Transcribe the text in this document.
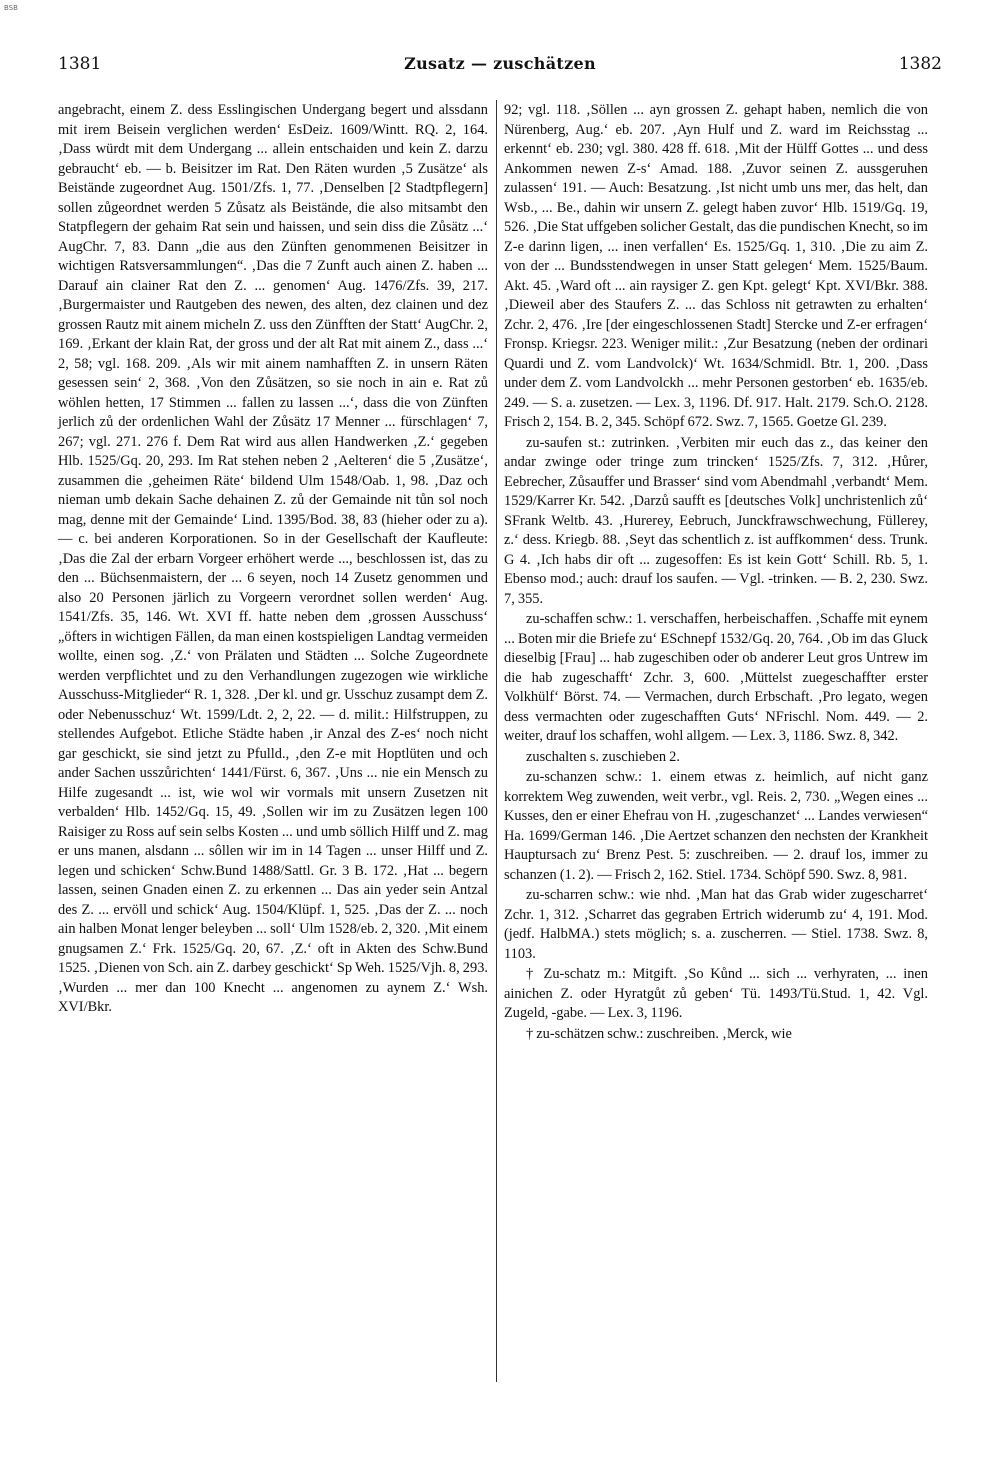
BSB
1381	Zusatz — zuschätzen	1382

angebracht, einem Z. dess Esslingischen Undergang begert und alssdann mit irem Beisein verglichen werden‘ EsDeiz. 1609/Wintt. RQ. 2, 164. ‚Dass würdt mit dem Undergang ... allein entschaiden und kein Z. darzu gebraucht‘ eb. — b. Beisitzer im Rat. Den Räten wurden ‚5 Zusätze‘ als Beistände zugeordnet Aug. 1501/Zfs. 1, 77. ‚Denselben [2 Stadtpflegern] sollen zůgeordnet werden 5 Zůsatz als Beistände, die also mitsambt den Statpflegern der gehaim Rat sein und haissen, und sein diss die Zůsätz ...‘ AugChr. 7, 83. Dann „die aus den Zünften genommenen Beisitzer in wichtigen Ratsversammlungen“. ‚Das die 7 Zunft auch ainen Z. haben ... Darauf ain clainer Rat den Z. ... genomen‘ Aug. 1476/Zfs. 39, 217. ‚Burgermaister und Rautgeben des newen, des alten, dez clainen und dez grossen Rautz mit ainem micheln Z. uss den Zünfften der Statt‘ AugChr. 2, 169. ‚Erkant der klain Rat, der gross und der alt Rat mit ainem Z., dass ...‘ 2, 58; vgl. 168. 209. ‚Als wir mit ainem namhafften Z. in unsern Räten gesessen sein‘ 2, 368. ‚Von den Zůsätzen, so sie noch in ain e. Rat zů wöhlen hetten, 17 Stimmen ... fallen zu lassen ...‘, dass die von Zünften jerlich zů der ordenlichen Wahl der Zůsätz 17 Menner ... fürschlagen‘ 7, 267; vgl. 271. 276 f. Dem Rat wird aus allen Handwerken ‚Z.‘ gegeben Hlb. 1525/Gq. 20, 293. Im Rat stehen neben 2 ‚Aelteren‘ die 5 ‚Zusätze‘, zusammen die ‚geheimen Räte‘ bildend Ulm 1548/Oab. 1, 98. ‚Daz och nieman umb dekain Sache dehainen Z. zů der Gemainde nit tůn sol noch mag, denne mit der Gemainde‘ Lind. 1395/Bod. 38, 83 (hieher oder zu a). — c. bei anderen Korporationen. So in der Gesellschaft der Kaufleute: ‚Das die Zal der erbarn Vorgeer erhöhert werde ..., beschlossen ist, das zu den ... Büchsenmaistern, der ... 6 seyen, noch 14 Zusetz genommen und also 20 Personen järlich zu Vorgeern verordnet sollen werden‘ Aug. 1541/Zfs. 35, 146. Wt. XVI ff. hatte neben dem ‚grossen Ausschuss‘ „öfters in wichtigen Fällen, da man einen kostspieligen Landtag vermeiden wollte, einen sog. ‚Z.‘ von Prälaten und Städten ... Solche Zugeordnete werden verpflichtet und zu den Verhandlungen zugezogen wie wirkliche Ausschuss-Mitglieder“ R. 1, 328. ‚Der kl. und gr. Usschuz zusampt dem Z. oder Nebenusschuz‘ Wt. 1599/Ldt. 2, 2, 22. — d. milit.: Hilfstruppen, zu stellendes Aufgebot. Etliche Städte haben ‚ir Anzal des Z-es‘ noch nicht gar geschickt, sie sind jetzt zu Pfulld., ‚den Z-e mit Hoptlüten und och ander Sachen usszůrichten‘ 1441/Fürst. 6, 367. ‚Uns ... nie ein Mensch zu Hilfe zugesandt ... ist, wie wol wir vormals mit unsern Zusetzen nit verbalden‘ Hlb. 1452/Gq. 15, 49. ‚Sollen wir im zu Zusätzen legen 100 Raisiger zu Ross auf sein selbs Kosten ... und umb söllich Hilff und Z. mag er uns manen, alsdann ... sôllen wir im in 14 Tagen ... unser Hilff und Z. legen und schicken‘ Schw.Bund 1488/Sattl. Gr. 3 B. 172. ‚Hat ... begern lassen, seinen Gnaden einen Z. zu erkennen ... Das ain yeder sein Antzal des Z. ... ervöll und schick‘ Aug. 1504/Klüpf. 1, 525. ‚Das der Z. ... noch ain halben Monat lenger beleyben ... soll‘ Ulm 1528/eb. 2, 320. ‚Mit einem gnugsamen Z.‘ Frk. 1525/Gq. 20, 67. ‚Z.‘ oft in Akten des Schw.Bund 1525. ‚Dienen von Sch. ain Z. darbey geschickt‘ Sp Weh. 1525/Vjh. 8, 293. ‚Wurden ... mer dan 100 Knecht ... angenomen zu aynem Z.‘ Wsh. XVI/Bkr.

92; vgl. 118. ‚Söllen ... ayn grossen Z. gehapt haben, nemlich die von Nürenberg, Aug.‘ eb. 207. ‚Ayn Hulf und Z. ward im Reichsstag ... erkennt‘ eb. 230; vgl. 380. 428 ff. 618. ‚Mit der Hülff Gottes ... und dess Ankommen newen Z-s‘ Amad. 188. ‚Zuvor seinen Z. aussgeruhen zulassen‘ 191. — Auch: Besatzung. ‚Ist nicht umb uns mer, das helt, dan Wsb., ... Be., dahin wir unsern Z. gelegt haben zuvor‘ Hlb. 1519/Gq. 19, 526. ‚Die Stat uffgeben solicher Gestalt, das die pundischen Knecht, so im Z-e darinn ligen, ... inen verfallen‘ Es. 1525/Gq. 1, 310. ‚Die zu aim Z. von der ... Bundsstendwegen in unser Statt gelegen‘ Mem. 1525/Baum. Akt. 45. ‚Ward oft ... ain raysiger Z. gen Kpt. gelegt‘ Kpt. XVI/Bkr. 388. ‚Dieweil aber des Staufers Z. ... das Schloss nit getrawten zu erhalten‘ Zchr. 2, 476. ‚Ire [der eingeschlossenen Stadt] Stercke und Z-er erfragen‘ Fronsp. Kriegsr. 223. Weniger milit.: ‚Zur Besatzung (neben der ordinari Quardi und Z. vom Landvolck)‘ Wt. 1634/Schmidl. Btr. 1, 200. ‚Dass under dem Z. vom Landvolckh ... mehr Personen gestorben‘ eb. 1635/eb. 249. — S. a. zusetzen. — Lex. 3, 1196. Df. 917. Halt. 2179. Sch.O. 2128. Frisch 2, 154. B. 2, 345. Schöpf 672. Swz. 7, 1565. Goetze Gl. 239.

zu-saufen st.: zutrinken. ‚Verbiten mir euch das z., das keiner den andar zwinge oder tringe zum trincken‘ 1525/Zfs. 7, 312. ‚Hůrer, Eebrecher, Zůsauffer und Brasser‘ sind vom Abendmahl ‚verbandt‘ Mem. 1529/Karrer Kr. 542. ‚Darzů saufft es [deutsches Volk] unchristenlich zů‘ SFrank Weltb. 43. ‚Hurerey, Eebruch, Junckfrawschwechung, Füllerey, z.‘ dess. Kriegb. 88. ‚Seyt das schentlich z. ist auffkommen‘ dess. Trunk. G 4. ‚Ich habs dir oft ... zugesoffen: Es ist kein Gott‘ Schill. Rb. 5, 1. Ebenso mod.; auch: drauf los saufen. — Vgl. -trinken. — B. 2, 230. Swz. 7, 355.

zu-schaffen schw.: 1. verschaffen, herbeischaffen. ‚Schaffe mit eynem ... Boten mir die Briefe zu‘ ESchnepf 1532/Gq. 20, 764. ‚Ob im das Gluck dieselbig [Frau] ... hab zugeschiben oder ob anderer Leut gros Untrew im die hab zugeschafft‘ Zchr. 3, 600. ‚Müttelst zuegeschaffter erster Volkhülf‘ Börst. 74. — Vermachen, durch Erbschaft. ‚Pro legato, wegen dess vermachten oder zugeschafften Guts‘ NFrischl. Nom. 449. — 2. weiter, drauf los schaffen, wohl allgem. — Lex. 3, 1186. Swz. 8, 342.

zuschalten s. zuschieben 2.

zu-schanzen schw.: 1. einem etwas z. heimlich, auf nicht ganz korrektem Weg zuwenden, weit verbr., vgl. Reis. 2, 730. „Wegen eines ... Kusses, den er einer Ehefrau von H. ‚zugeschanzet‘ ... Landes verwiesen“ Ha. 1699/German 146. ‚Die Aertzet schanzen den nechsten der Krankheit Hauptursach zu‘ Brenz Pest. 5: zuschreiben. — 2. drauf los, immer zu schanzen (1. 2). — Frisch 2, 162. Stiel. 1734. Schöpf 590. Swz. 8, 981.

zu-scharren schw.: wie nhd. ‚Man hat das Grab wider zugescharret‘ Zchr. 1, 312. ‚Scharret das gegraben Ertrich widerumb zu‘ 4, 191. Mod. (jedf. HalbMA.) stets möglich; s. a. zuscherren. — Stiel. 1738. Swz. 8, 1103.

† Zu-schatz m.: Mitgift. ‚So Kůnd ... sich ... verhyraten, ... inen ainichen Z. oder Hyratgůt zů geben‘ Tü. 1493/Tü.Stud. 1, 42. Vgl. Zugeld, -gabe. — Lex. 3, 1196.

† zu-schätzen schw.: zuschreiben. ‚Merck, wie
